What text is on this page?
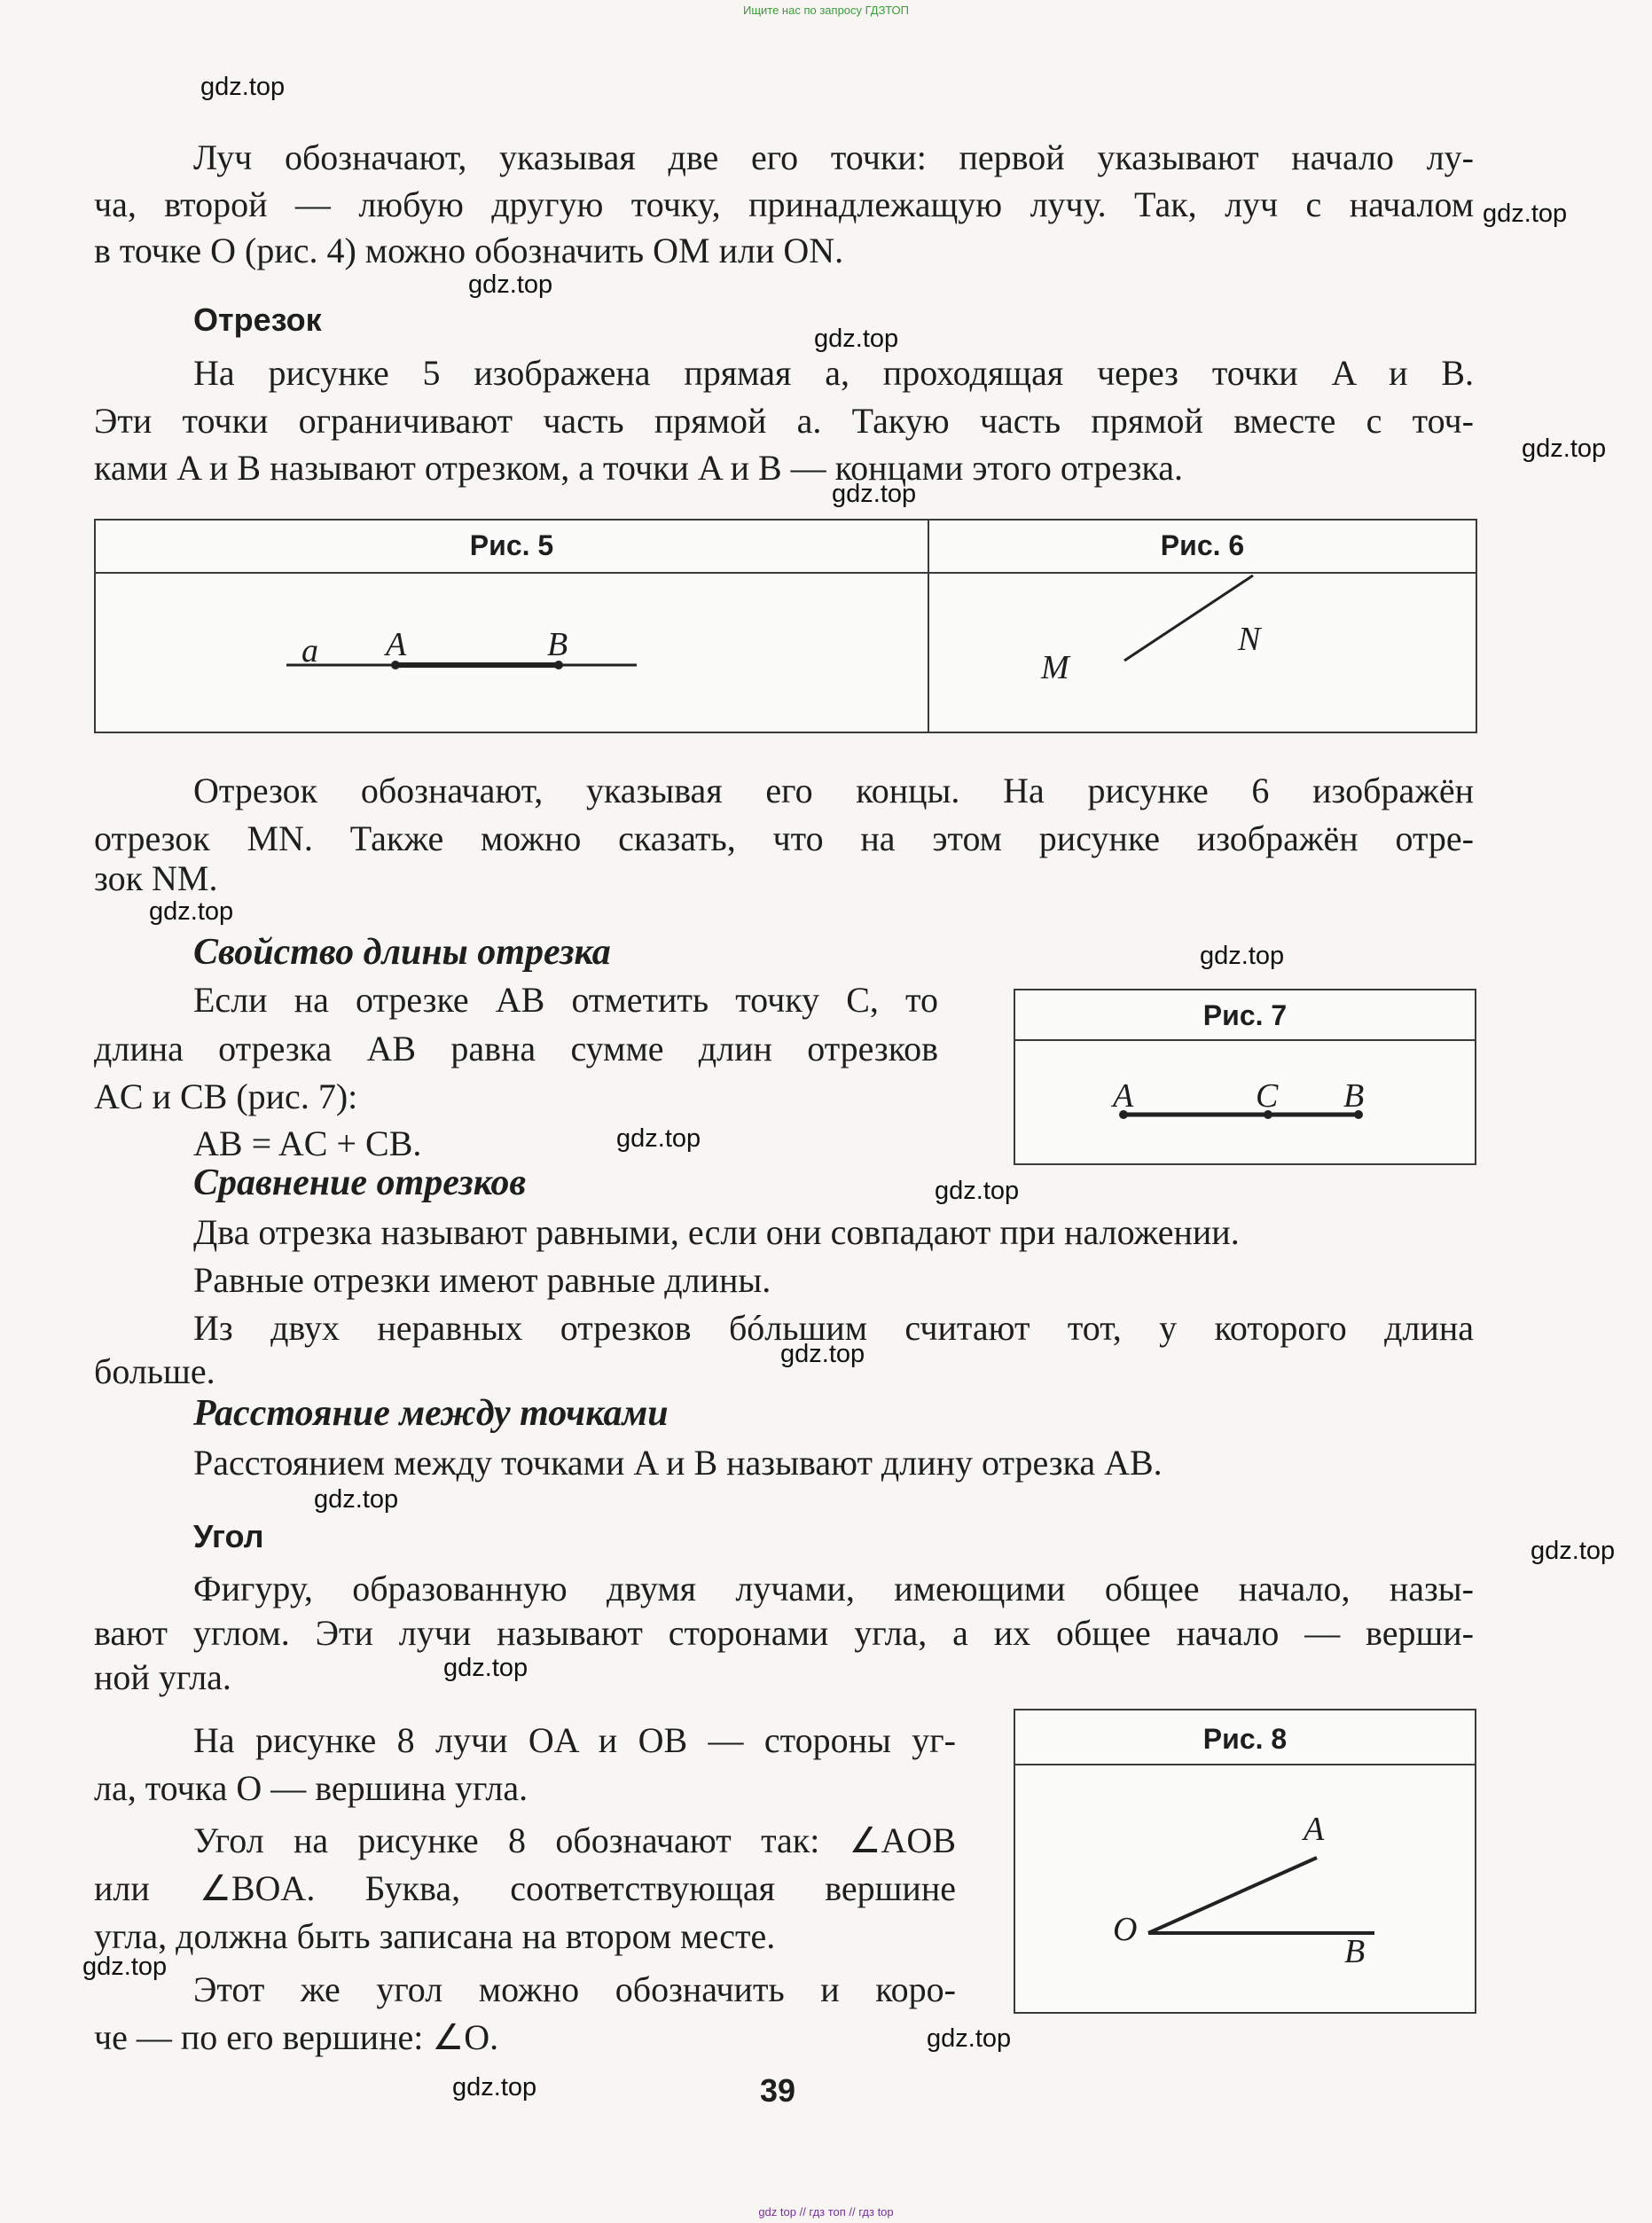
Ищите нас по запросу ГДЗТОП
gdz top // гдз топ // гдз top
gdz.top
gdz.top
gdz.top
gdz.top
gdz.top
gdz.top
gdz.top
gdz.top
gdz.top
gdz.top
gdz.top
gdz.top
gdz.top
gdz.top
gdz.top
gdz.top
gdz.top
Луч обозначают, указывая две его точки: первой указывают начало лу-
ча, второй — любую другую точку, принадлежащую лучу. Так, луч с началом
в точке O (рис. 4) можно обозначить OM или ON.
Отрезок
На рисунке 5 изображена прямая a, проходящая через точки A и B.
Эти точки ограничивают часть прямой a. Такую часть прямой вместе с точ-
ками A и B называют отрезком, а точки A и B — концами этого отрезка.
Рис. 5	Рис. 6
a A	B
M
N
Отрезок обозначают, указывая его концы. На рисунке 6 изображён
отрезок MN. Также можно сказать, что на этом рисунке изображён отре-
зок NM.
Свойство длины отрезка
Если на отрезке AB отметить точку C, то
длина отрезка AB равна сумме длин отрезков
AC и CB (рис. 7):
AB = AC + CB.
Рис. 7
A	C B
Сравнение отрезков
Два отрезка называют равными, если они совпадают при наложении.
Равные отрезки имеют равные длины.
Из двух неравных отрезков бóльшим считают тот, у которого длина
больше.
Расстояние между точками
Расстоянием между точками A и B называют длину отрезка AB.
Угол
Фигуру, образованную двумя лучами, имеющими общее начало, назы-
вают углом. Эти лучи называют сторонами угла, а их общее начало — верши-
ной угла.
На рисунке 8 лучи OA и OB — стороны уг-
ла, точка O — вершина угла.
Угол на рисунке 8 обозначают так: ∠AOB
или ∠BOA. Буква, соответствующая вершине
угла, должна быть записана на втором месте.
Этот же угол можно обозначить и коро-
че — по его вершине: ∠O.
Рис. 8
A
O
B
39
